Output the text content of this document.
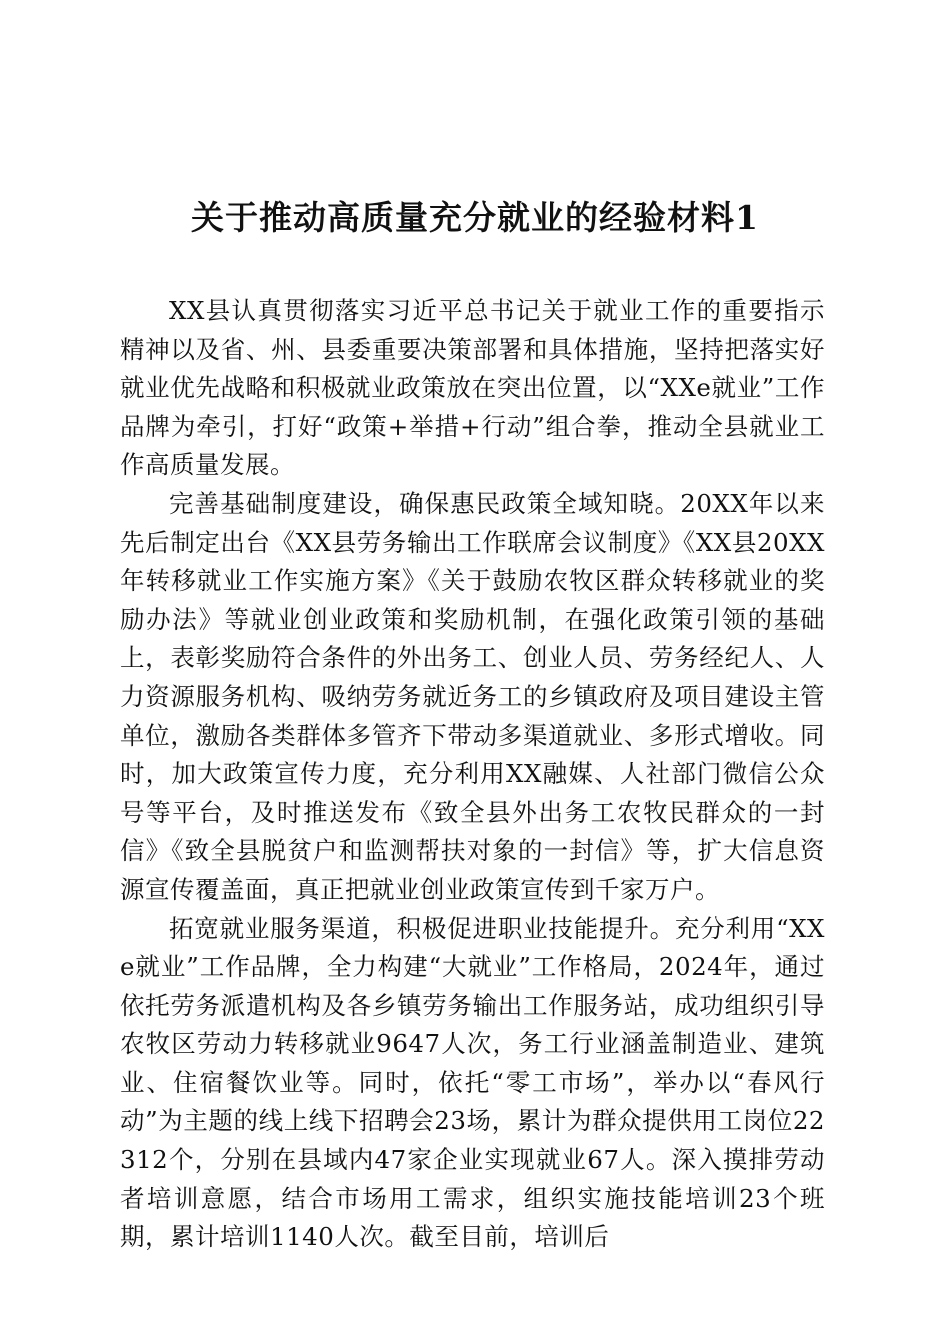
关于推动高质量充分就业的经验材料1

XX县认真贯彻落实习近平总书记关于就业工作的重要指示精神以及省、州、县委重要决策部署和具体措施，坚持把落实好就业优先战略和积极就业政策放在突出位置，以“XXe就业”工作品牌为牵引，打好“政策+举措+行动”组合拳，推动全县就业工作高质量发展。

完善基础制度建设，确保惠民政策全域知晓。20XX年以来先后制定出台《XX县劳务输出工作联席会议制度》《XX县20XX年转移就业工作实施方案》《关于鼓励农牧区群众转移就业的奖励办法》等就业创业政策和奖励机制，在强化政策引领的基础上，表彰奖励符合条件的外出务工、创业人员、劳务经纪人、人力资源服务机构、吸纳劳务就近务工的乡镇政府及项目建设主管单位，激励各类群体多管齐下带动多渠道就业、多形式增收。同时，加大政策宣传力度，充分利用XX融媒、人社部门微信公众号等平台，及时推送发布《致全县外出务工农牧民群众的一封信》《致全县脱贫户和监测帮扶对象的一封信》等，扩大信息资源宣传覆盖面，真正把就业创业政策宣传到千家万户。

拓宽就业服务渠道，积极促进职业技能提升。充分利用“XXe就业”工作品牌，全力构建“大就业”工作格局，2024年，通过依托劳务派遣机构及各乡镇劳务输出工作服务站，成功组织引导农牧区劳动力转移就业9647人次，务工行业涵盖制造业、建筑业、住宿餐饮业等。同时，依托“零工市场”，举办以“春风行动”为主题的线上线下招聘会23场，累计为群众提供用工岗位22312个，分别在县域内47家企业实现就业67人。深入摸排劳动者培训意愿，结合市场用工需求，组织实施技能培训23个班期，累计培训1140人次。截至目前，培训后
